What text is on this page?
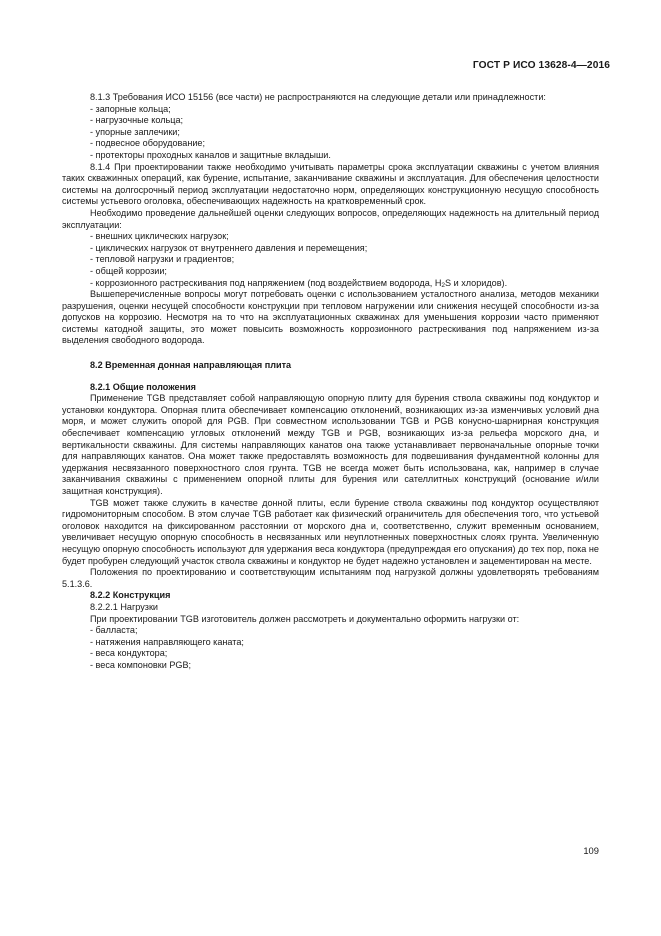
ГОСТ Р ИСО 13628-4—2016

8.1.3 Требования ИСО 15156 (все части) не распространяются на следующие детали или принадлежности:

- запорные кольца;

- нагрузочные кольца;

- упорные заплечики;

- подвесное оборудование;

- протекторы проходных каналов и защитные вкладыши.

8.1.4 При проектировании также необходимо учитывать параметры срока эксплуатации скважины с учетом влияния таких скважинных операций, как бурение, испытание, заканчивание скважины и эксплуатация. Для обеспечения целостности системы на долгосрочный период эксплуатации недостаточно норм, определяющих конструкционную несущую способность системы устьевого оголовка, обеспечивающих надежность на кратковременный срок.

Необходимо проведение дальнейшей оценки следующих вопросов, определяющих надежность на длительный период эксплуатации:

- внешних циклических нагрузок;

- циклических нагрузок от внутреннего давления и перемещения;

- тепловой нагрузки и градиентов;

- общей коррозии;

- коррозионного растрескивания под напряжением (под воздействием водорода, $H_2S$ и хлоридов).

Вышеперечисленные вопросы могут потребовать оценки с использованием усталостного анализа, методов механики разрушения, оценки несущей способности конструкции при тепловом нагружении или снижения несущей способности из-за допусков на коррозию. Несмотря на то что на эксплуатационных скважинах для уменьшения коррозии часто применяют системы катодной защиты, это может повысить возможность коррозионного растрескивания под напряжением из-за выделения свободного водорода.

8.2 Временная донная направляющая плита

8.2.1 Общие положения

Применение TGB представляет собой направляющую опорную плиту для бурения ствола скважины под кондуктор и установки кондуктора. Опорная плита обеспечивает компенсацию отклонений, возникающих из-за изменчивых условий дна моря, и может служить опорой для PGB. При совместном использовании TGB и PGB конусно-шарнирная конструкция обеспечивает компенсацию угловых отклонений между TGB и PGB, возникающих из-за рельефа морского дна, и вертикальности скважины. Для системы направляющих канатов она также устанавливает первоначальные опорные точки для направляющих канатов. Она может также предоставлять возможность для подвешивания фундаментной колонны для удержания несвязанного поверхностного слоя грунта. TGB не всегда может быть использована, как, например в случае заканчивания скважины с применением опорной плиты для бурения или сателлитных конструкций (основание и/или защитная конструкция).

TGB может также служить в качестве донной плиты, если бурение ствола скважины под кондуктор осуществляют гидромониторным способом. В этом случае TGB работает как физический ограничитель для обеспечения того, что устьевой оголовок находится на фиксированном расстоянии от морского дна и, соответственно, служит временным основанием, увеличивает несущую опорную способность в несвязанных или неуплотненных поверхностных слоях грунта. Увеличенную несущую опорную способность используют для удержания веса кондуктора (предупреждая его опускания) до тех пор, пока не будет пробурен следующий участок ствола скважины и кондуктор не будет надежно установлен и зацементирован на месте.

Положения по проектированию и соответствующим испытаниям под нагрузкой должны удовлетворять требованиям 5.1.3.6.

8.2.2 Конструкция

8.2.2.1 Нагрузки

При проектировании TGB изготовитель должен рассмотреть и документально оформить нагрузки от:

- балласта;

- натяжения направляющего каната;

- веса кондуктора;

- веса компоновки PGB;

109
